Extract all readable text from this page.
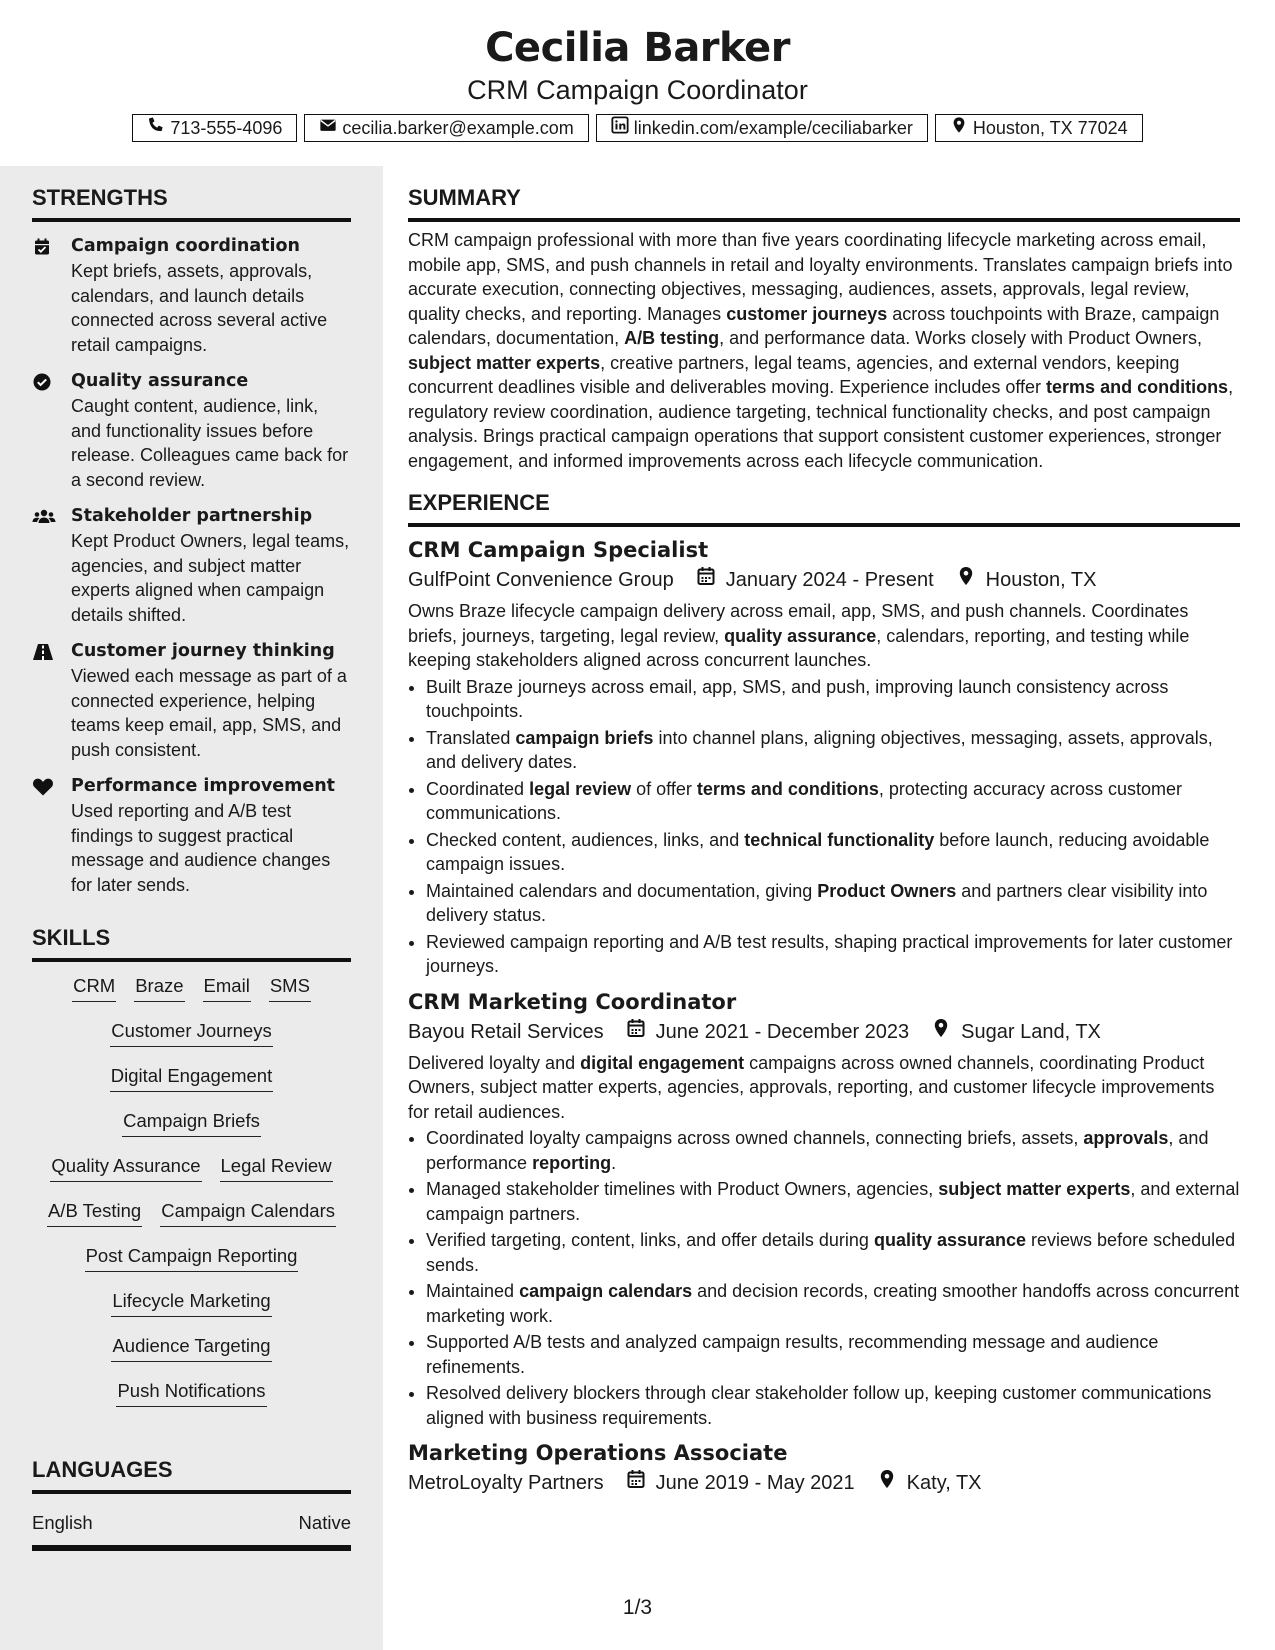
Cecilia Barker
CRM Campaign Coordinator
713-555-4096	cecilia.barker@example.com	linkedin.com/example/ceciliabarker	Houston, TX 77024
STRENGTHS
Campaign coordination
Kept briefs, assets, approvals, calendars, and launch details connected across several active retail campaigns.
Quality assurance
Caught content, audience, link, and functionality issues before release. Colleagues came back for a second review.
Stakeholder partnership
Kept Product Owners, legal teams, agencies, and subject matter experts aligned when campaign details shifted.
Customer journey thinking
Viewed each message as part of a connected experience, helping teams keep email, app, SMS, and push consistent.
Performance improvement
Used reporting and A/B test findings to suggest practical message and audience changes for later sends.
SKILLS
CRM Braze Email SMS
Customer Journeys
Digital Engagement
Campaign Briefs
Quality Assurance Legal Review
A/B Testing Campaign Calendars
Post Campaign Reporting
Lifecycle Marketing
Audience Targeting
Push Notifications
LANGUAGES
English	Native
SUMMARY

CRM campaign professional with more than five years coordinating lifecycle marketing across email, mobile app, SMS, and push channels in retail and loyalty environments. Translates campaign briefs into accurate execution, connecting objectives, messaging, audiences, assets, approvals, legal review, quality checks, and reporting. Manages customer journeys across touchpoints with Braze, campaign calendars, documentation, A/B testing, and performance data. Works closely with Product Owners, subject matter experts, creative partners, legal teams, agencies, and external vendors, keeping concurrent deadlines visible and deliverables moving. Experience includes offer terms and conditions, regulatory review coordination, audience targeting, technical functionality checks, and post campaign analysis. Brings practical campaign operations that support consistent customer experiences, stronger engagement, and informed improvements across each lifecycle communication.

EXPERIENCE
CRM Campaign Specialist
GulfPoint Convenience Group	January 2024 - Present	Houston, TX

Owns Braze lifecycle campaign delivery across email, app, SMS, and push channels. Coordinates briefs, journeys, targeting, legal review, quality assurance, calendars, reporting, and testing while keeping stakeholders aligned across concurrent launches.

• Built Braze journeys across email, app, SMS, and push, improving launch consistency across touchpoints.
• Translated campaign briefs into channel plans, aligning objectives, messaging, assets, approvals, and delivery dates.
• Coordinated legal review of offer terms and conditions, protecting accuracy across customer communications.
• Checked content, audiences, links, and technical functionality before launch, reducing avoidable campaign issues.
• Maintained calendars and documentation, giving Product Owners and partners clear visibility into delivery status.
• Reviewed campaign reporting and A/B test results, shaping practical improvements for later customer journeys.
CRM Marketing Coordinator
Bayou Retail Services	June 2021 - December 2023	Sugar Land, TX

Delivered loyalty and digital engagement campaigns across owned channels, coordinating Product Owners, subject matter experts, agencies, approvals, reporting, and customer lifecycle improvements for retail audiences.

• Coordinated loyalty campaigns across owned channels, connecting briefs, assets, approvals, and performance reporting.
• Managed stakeholder timelines with Product Owners, agencies, subject matter experts, and external campaign partners.
• Verified targeting, content, links, and offer details during quality assurance reviews before scheduled sends.
• Maintained campaign calendars and decision records, creating smoother handoffs across concurrent marketing work.
• Supported A/B tests and analyzed campaign results, recommending message and audience refinements.
• Resolved delivery blockers through clear stakeholder follow up, keeping customer communications aligned with business requirements.
Marketing Operations Associate
MetroLoyalty Partners	June 2019 - May 2021	Katy, TX
1/3
